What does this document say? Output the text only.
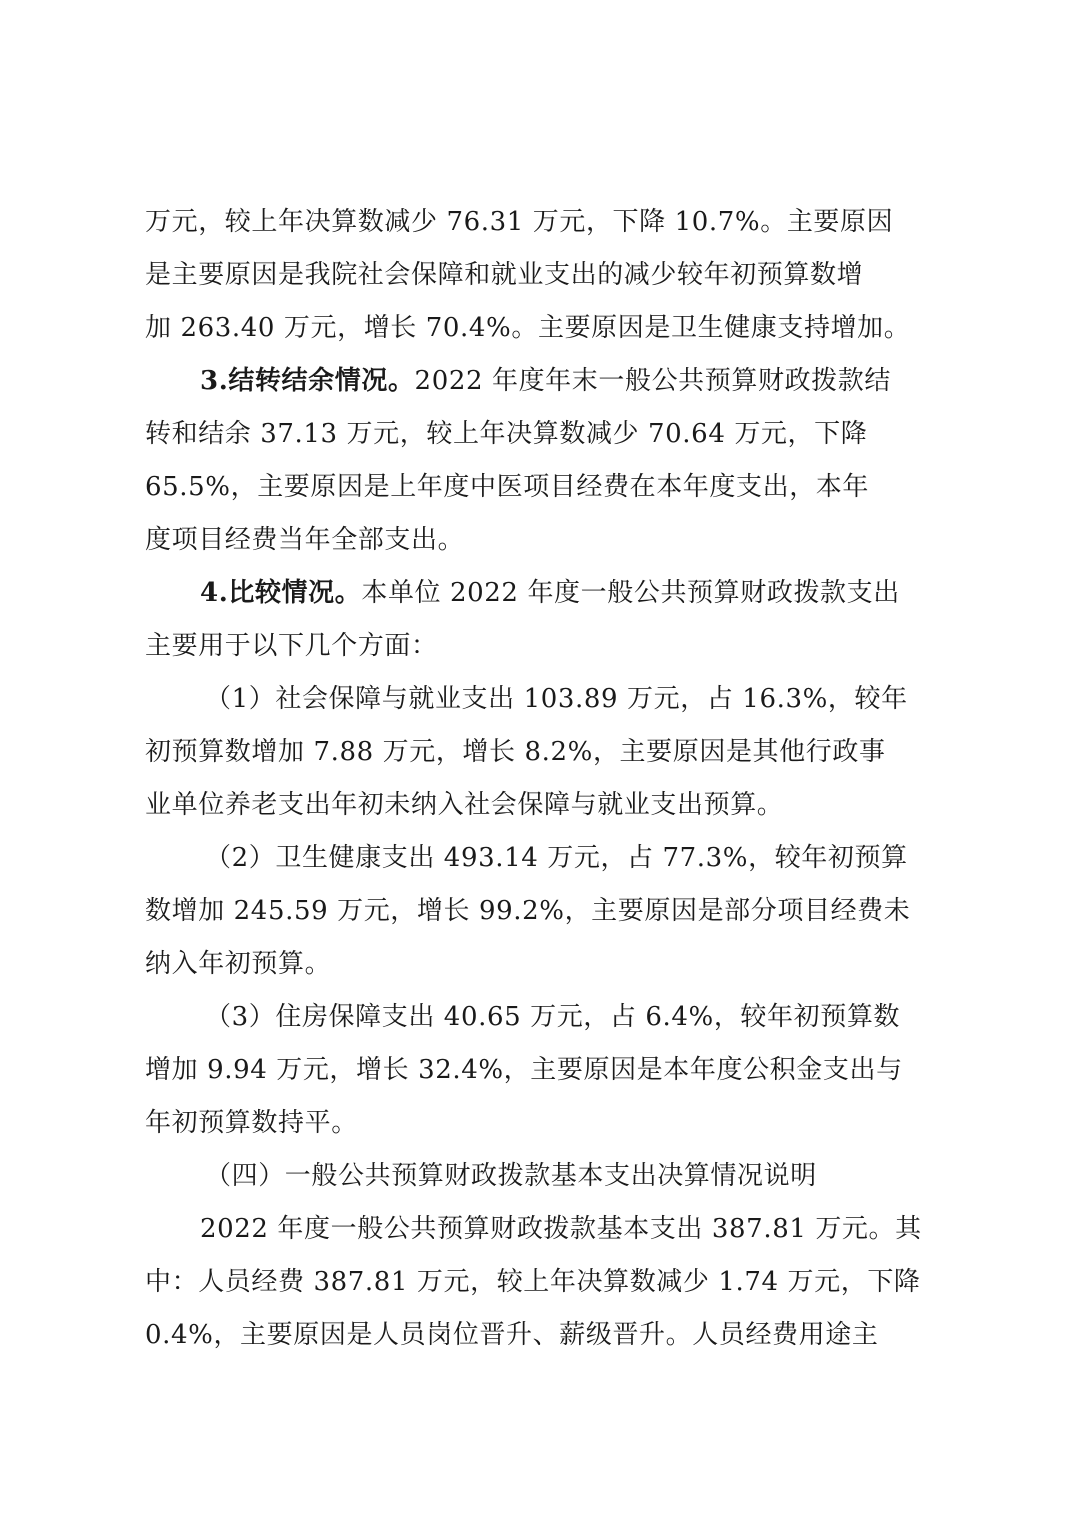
万元，较上年决算数减少 76.31 万元，下降 10.7%。主要原因
是主要原因是我院社会保障和就业支出的减少较年初预算数增
加 263.40 万元，增长 70.4%。主要原因是卫生健康支持增加。
3.结转结余情况。2022 年度年末一般公共预算财政拨款结
转和结余 37.13 万元，较上年决算数减少 70.64 万元，下降
65.5%，主要原因是上年度中医项目经费在本年度支出，本年
度项目经费当年全部支出。
4.比较情况。本单位 2022 年度一般公共预算财政拨款支出
主要用于以下几个方面：
（1）社会保障与就业支出 103.89 万元，占 16.3%，较年
初预算数增加 7.88 万元，增长 8.2%，主要原因是其他行政事
业单位养老支出年初未纳入社会保障与就业支出预算。
（2）卫生健康支出 493.14 万元，占 77.3%，较年初预算
数增加 245.59 万元，增长 99.2%，主要原因是部分项目经费未
纳入年初预算。
（3）住房保障支出 40.65 万元，占 6.4%，较年初预算数
增加 9.94 万元，增长 32.4%，主要原因是本年度公积金支出与
年初预算数持平。
（四）一般公共预算财政拨款基本支出决算情况说明
2022 年度一般公共预算财政拨款基本支出 387.81 万元。其
中：人员经费 387.81 万元，较上年决算数减少 1.74 万元，下降
0.4%，主要原因是人员岗位晋升、薪级晋升。人员经费用途主
